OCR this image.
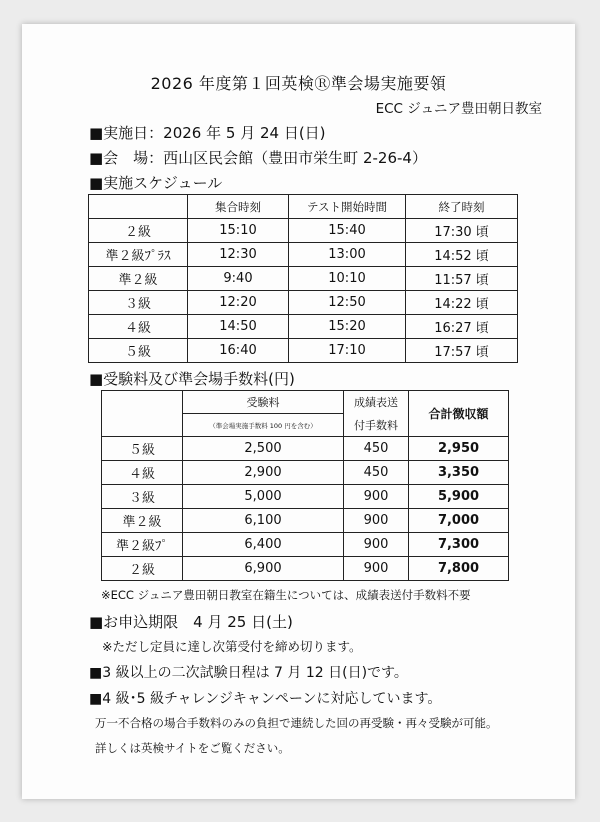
2026 年度第１回英検Ⓡ準会場実施要領
ECC ジュニア豊田朝日教室
■実施日：2026 年 5 月 24 日(日)
■会　場：西山区民会館（豊田市栄生町 2-26-4）
■実施スケジュール
	集合時刻	テスト開始時間	終了時刻
２級	15:10	15:40	17:30 頃
準２級ﾌﾟﾗｽ	12:30	13:00	14:52 頃
準２級	9:40	10:10	11:57 頃
３級	12:20	12:50	14:22 頃
４級	14:50	15:20	16:27 頃
５級	16:40	17:10	17:57 頃
■受験料及び準会場手数料(円)
	受験料	成績表送	合計徴収額
	（準会場実施手数料 100 円を含む）	付手数料	
５級	2,500	450	2,950
４級	2,900	450	3,350
３級	5,000	900	5,900
準２級	6,100	900	7,000
準２級ﾌﾟ	6,400	900	7,300
２級	6,900	900	7,800
※ECC ジュニア豊田朝日教室在籍生については、成績表送付手数料不要
■お申込期限　4 月 25 日(土)
※ただし定員に達し次第受付を締め切ります。
■3 級以上の二次試験日程は 7 月 12 日(日)です。
■4 級･5 級チャレンジキャンペーンに対応しています。
万一不合格の場合手数料のみの負担で連続した回の再受験・再々受験が可能。
詳しくは英検サイトをご覧ください。
